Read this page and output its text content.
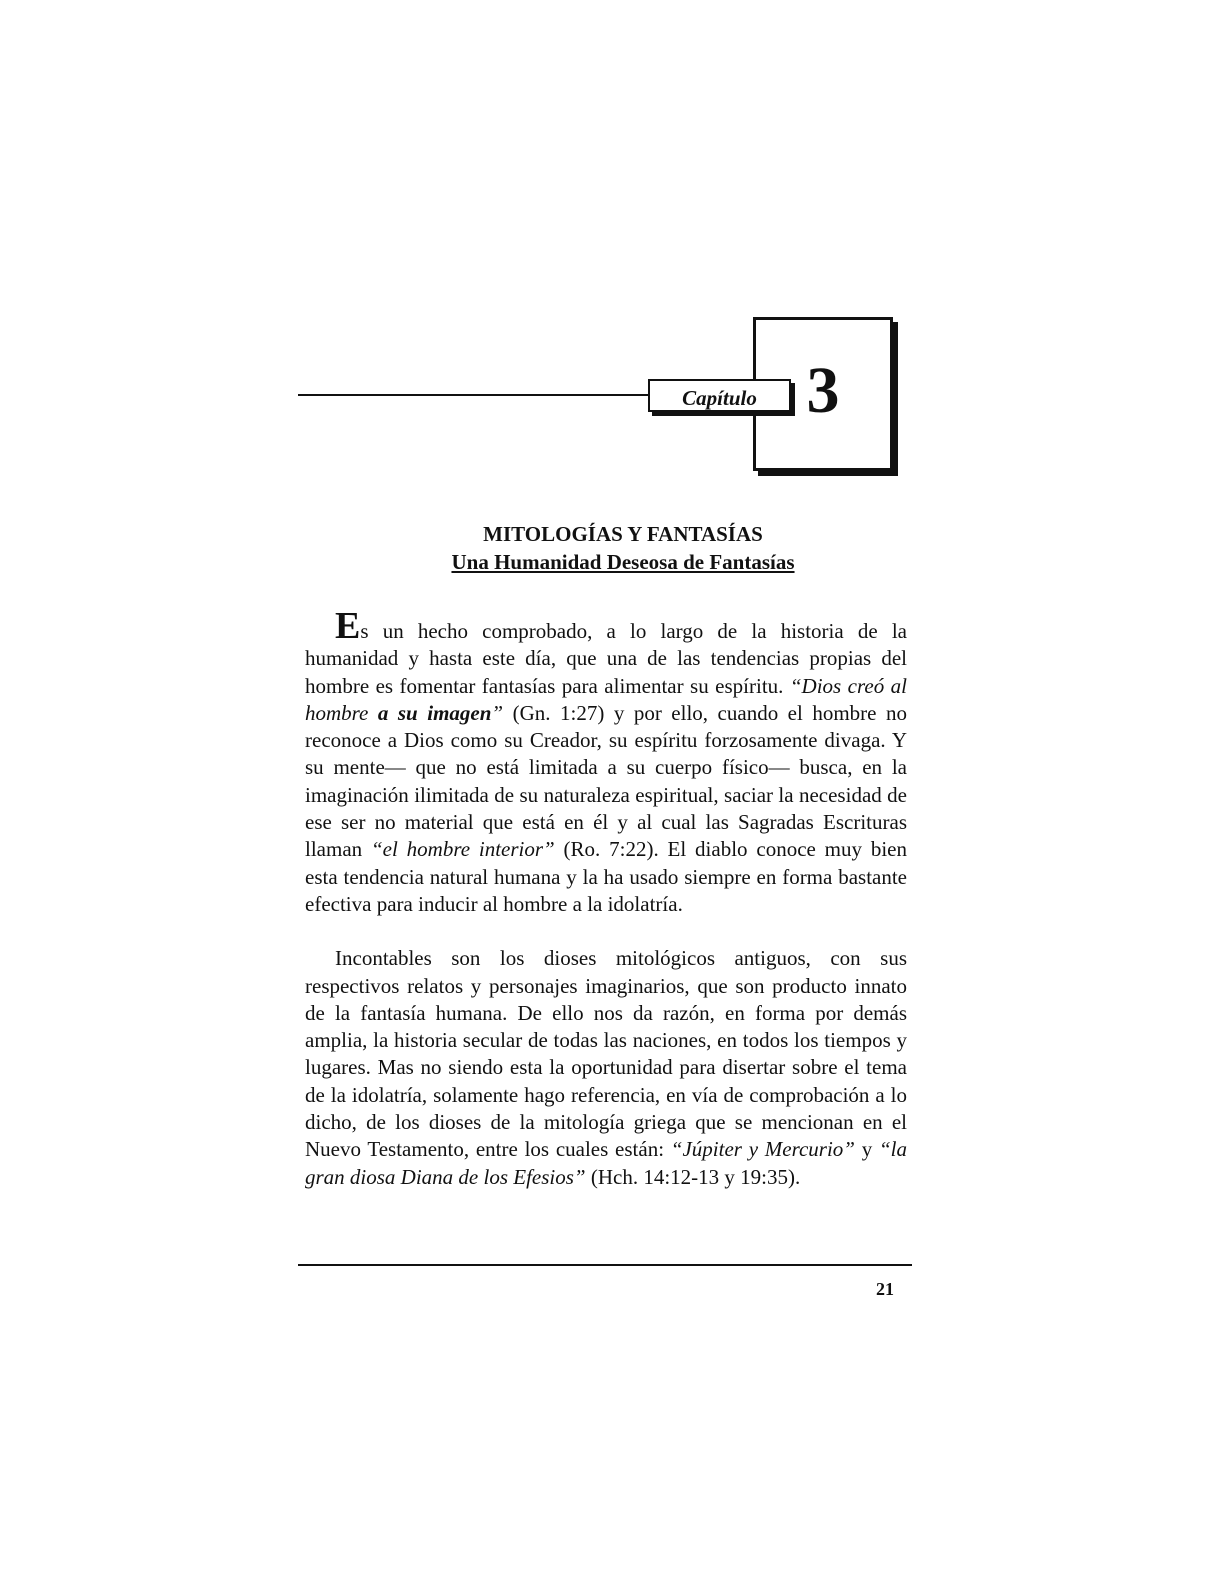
3
Capítulo
MITOLOGÍAS Y FANTASÍAS
Una Humanidad Deseosa de Fantasías

Es un hecho comprobado, a lo largo de la historia de la humanidad y hasta este día, que una de las tendencias propias del hombre es fomentar fantasías para alimentar su espíritu. “Dios creó al hombre a su imagen” (Gn. 1:27) y por ello, cuando el hombre no reconoce a Dios como su Creador, su espíritu forzosamente divaga. Y su mente— que no está limitada a su cuerpo físico— busca, en la imaginación ilimitada de su naturaleza espiritual, saciar la necesidad de ese ser no material que está en él y al cual las Sagradas Escrituras llaman “el hombre interior” (Ro. 7:22). El diablo conoce muy bien esta tendencia natural humana y la ha usado siempre en forma bastante efectiva para inducir al hombre a la idolatría.

Incontables son los dioses mitológicos antiguos, con sus respectivos relatos y personajes imaginarios, que son producto innato de la fantasía humana. De ello nos da razón, en forma por demás amplia, la historia secular de todas las naciones, en todos los tiempos y lugares. Mas no siendo esta la oportunidad para disertar sobre el tema de la idolatría, solamente hago referencia, en vía de comprobación a lo dicho, de los dioses de la mitología griega que se mencionan en el Nuevo Testamento, entre los cuales están: “Júpiter y Mercurio” y “la gran diosa Diana de los Efesios” (Hch. 14:12-13 y 19:35).

21
